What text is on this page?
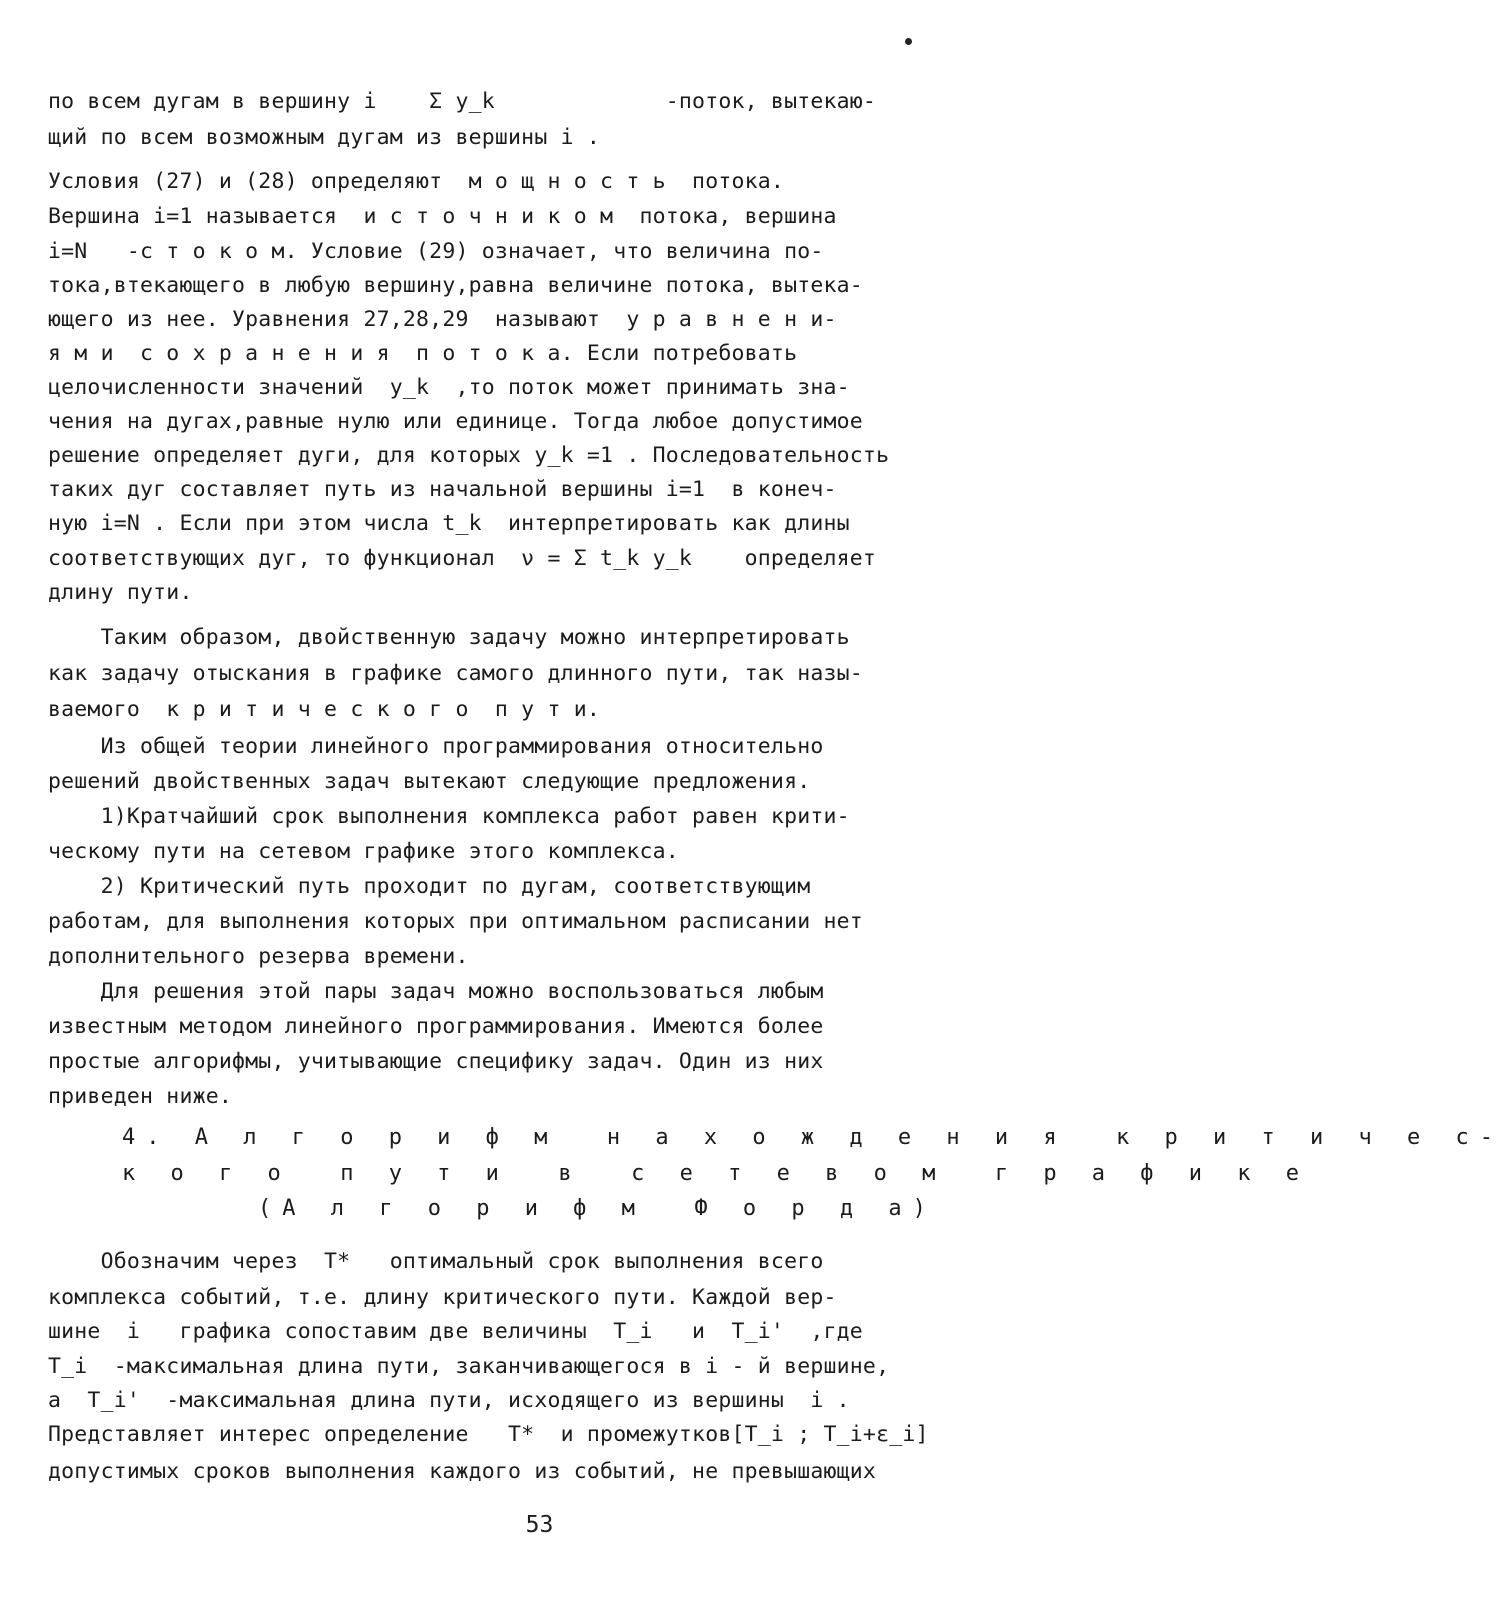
по всем дугам в вершину i    Σ y_k             -поток, вытекаю-
щий по всем возможным дугам из вершины i .
Условия (27) и (28) определяют  м о щ н о с т ь  потока.
Вершина i=1 называется  и с т о ч н и к о м  потока, вершина
i=N   -с т о к о м. Условие (29) означает, что величина по-
тока,втекающего в любую вершину,равна величине потока, вытека-
ющего из нее. Уравнения 27,28,29  называют  у р а в н е н и-
я м и  с о х р а н е н и я  п о т о к а. Если потребовать
целочисленности значений  y_k  ,то поток может принимать зна-
чения на дугах,равные нулю или единице. Тогда любое допустимое
решение определяет дуги, для которых y_k =1 . Последовательность
таких дуг составляет путь из начальной вершины i=1  в конеч-
ную i=N . Если при этом числа t_k  интерпретировать как длины
соответствующих дуг, то функционал  ν = Σ t_k y_k    определяет
длину пути.
Таким образом, двойственную задачу можно интерпретировать
как задачу отыскания в графике самого длинного пути, так назы-
ваемого  к р и т и ч е с к о г о  п у т и.
Из общей теории линейного программирования относительно
решений двойственных задач вытекают следующие предложения.
1)Кратчайший срок выполнения комплекса работ равен крити-
ческому пути на сетевом графике этого комплекса.
2) Критический путь проходит по дугам, соответствующим
работам, для выполнения которых при оптимальном расписании нет
дополнительного резерва времени.
Для решения этой пары задач можно воспользоваться любым
известным методом линейного программирования. Имеются более
простые алгорифмы, учитывающие специфику задач. Один из них
приведен ниже.
4. А л г о р и ф м  н а х о ж д е н и я  к р и т и ч е с-
к о г о  п у т и  в  с е т е в о м  г р а ф и к е
(А л г о р и ф м  Ф о р д а)
Обозначим через  T*   оптимальный срок выполнения всего
комплекса событий, т.е. длину критического пути. Каждой вер-
шине  i   графика сопоставим две величины  T_i   и  T_i'  ,где
T_i  -максимальная длина пути, заканчивающегося в i - й вершине,
а  T_i'  -максимальная длина пути, исходящего из вершины  i .
Представляет интерес определение   T*  и промежутков[T_i ; T_i+ε_i]
допустимых сроков выполнения каждого из событий, не превышающих
53
